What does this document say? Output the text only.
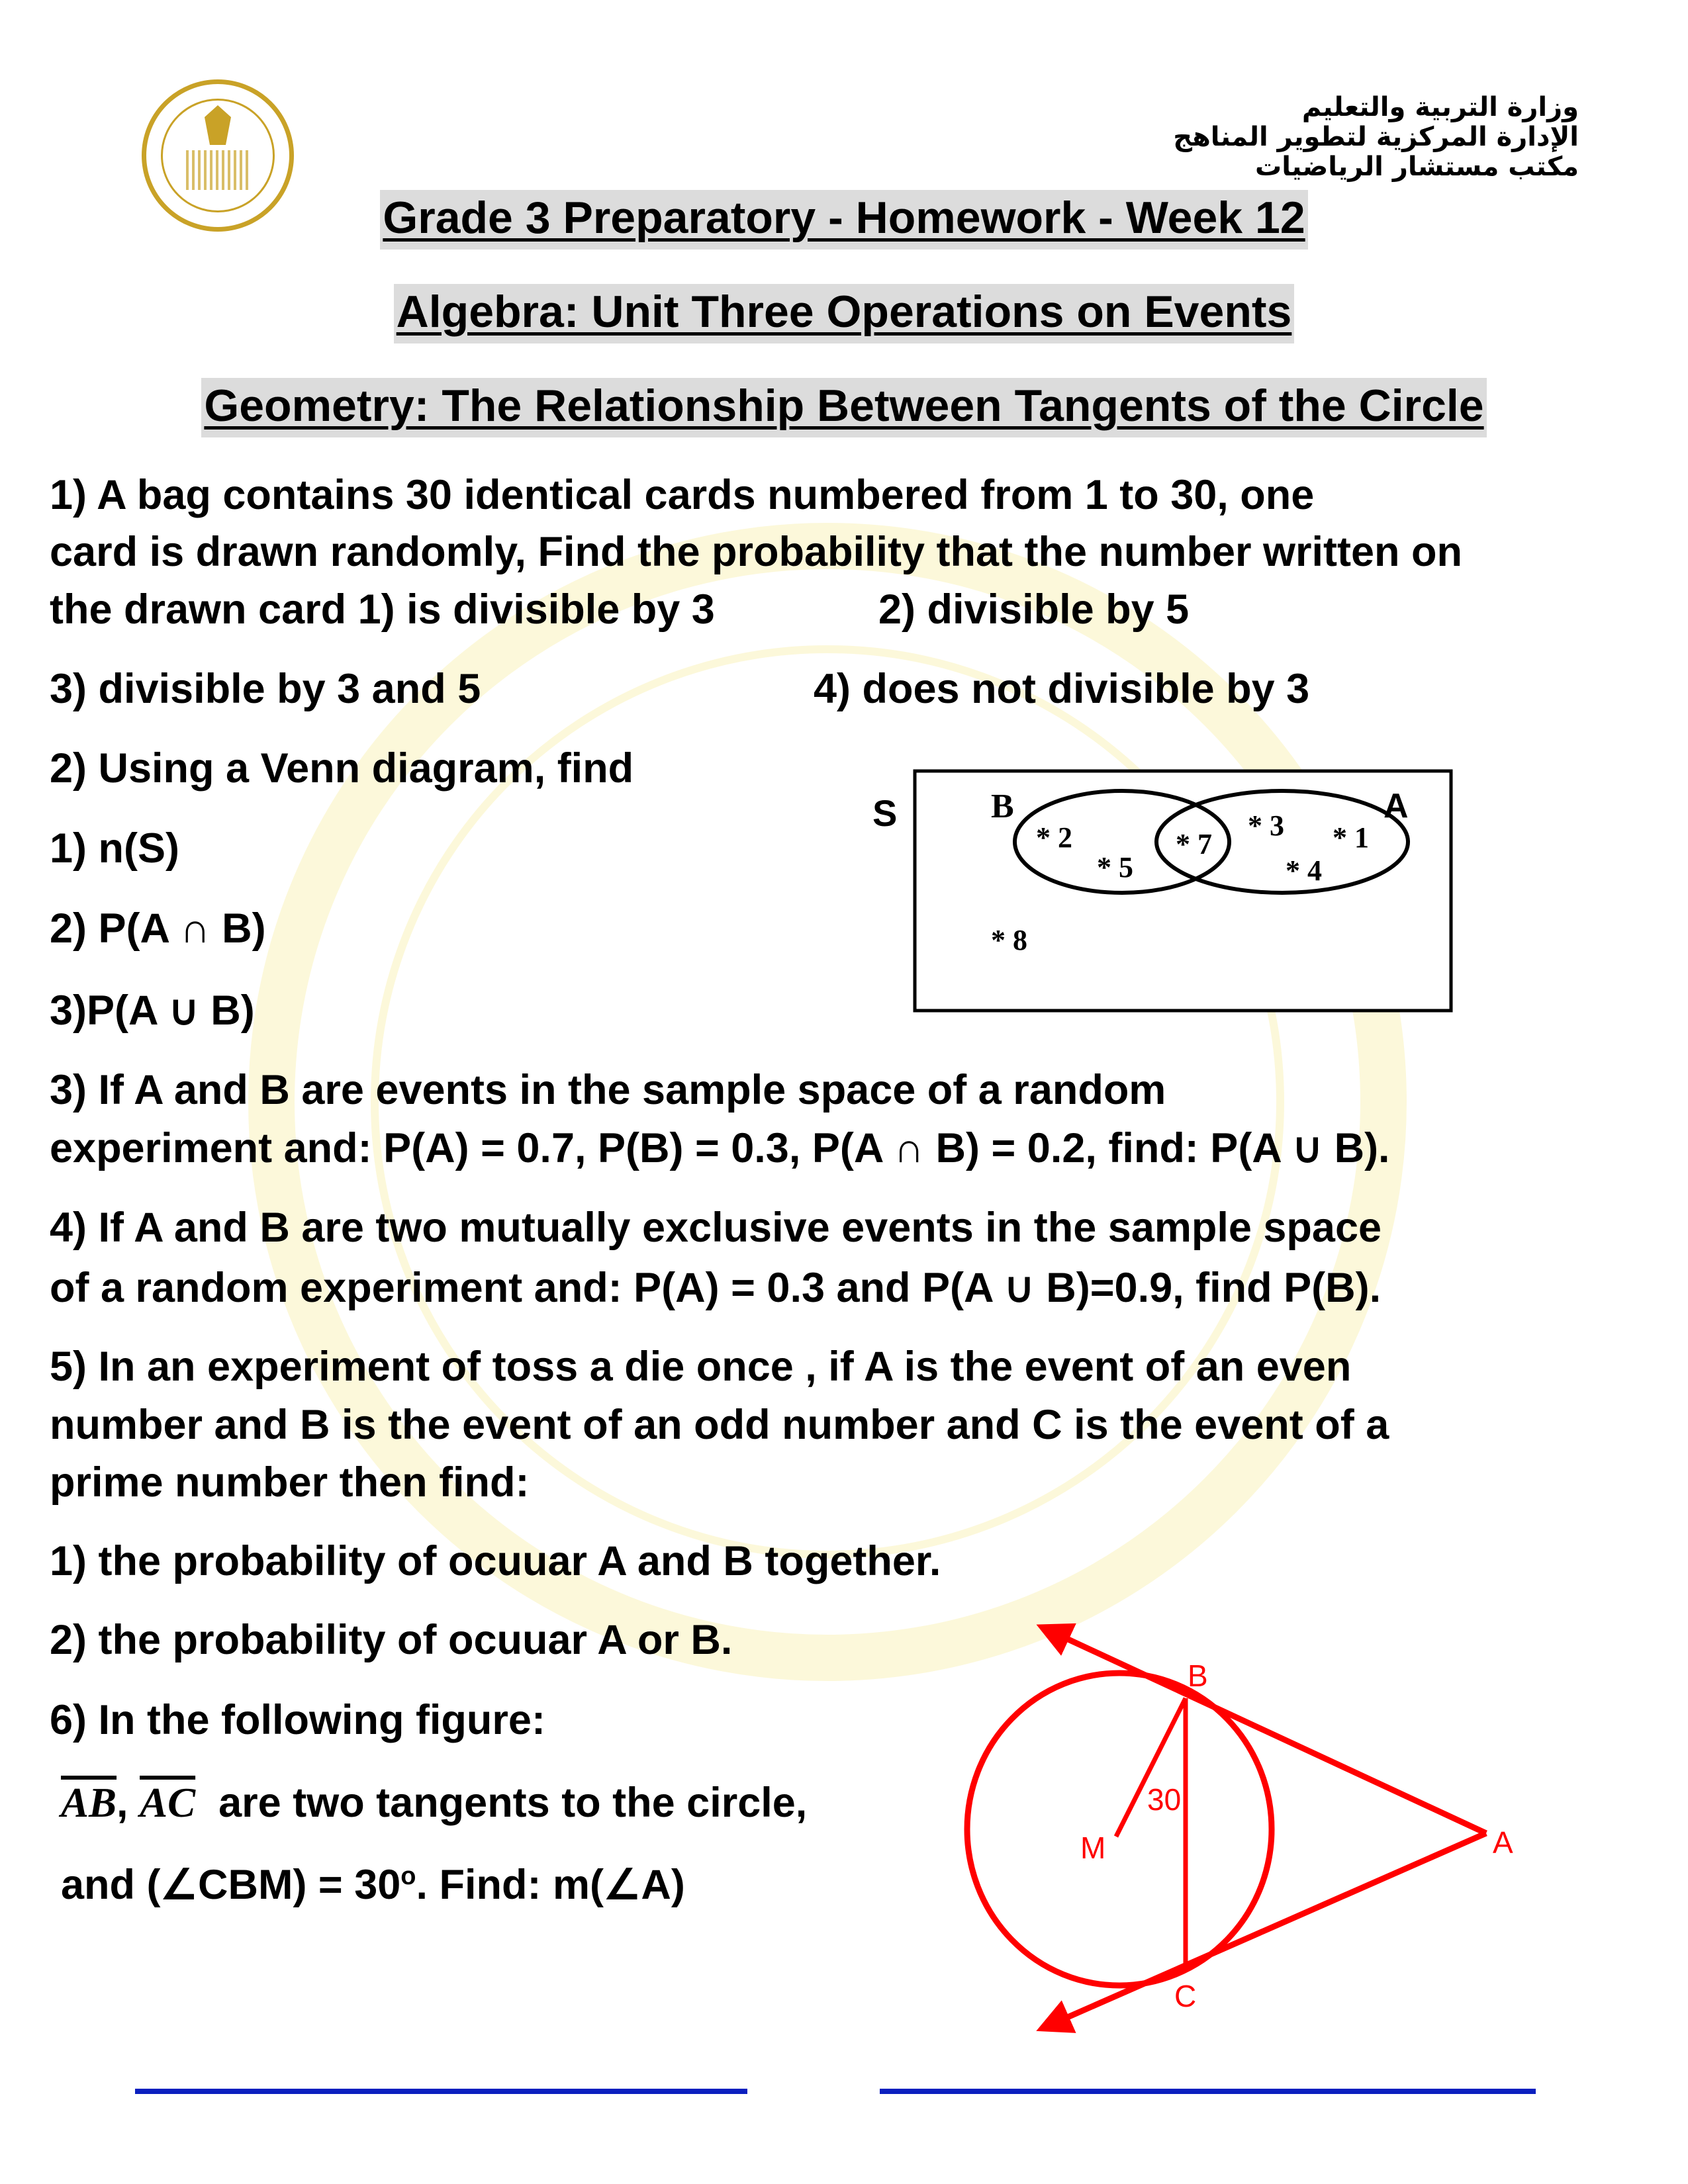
وزارة التربية والتعليم
الإدارة المركزية لتطوير المناهج
مكتب مستشار الرياضيات
Grade 3 Preparatory - Homework - Week 12
Algebra: Unit Three Operations on Events
Geometry: The Relationship Between Tangents of the Circle
1) A bag contains 30 identical cards numbered from 1 to 30, one
card is drawn randomly, Find the probability that the number written on
the drawn card 1) is divisible by 3	2) divisible by 5
3) divisible by 3 and 5	4) does not divisible by 3
2) Using a Venn diagram, find
1) n(S)
2) P(A ∩ B)
3)P(A ∪ B)
3) If A and B are events in the sample space of a random
experiment and: P(A) = 0.7, P(B) = 0.3, P(A ∩ B) = 0.2, find: P(A ∪ B).
4) If A and B are two mutually exclusive events in the sample space
of a random experiment and: P(A) = 0.3 and P(A ∪ B)=0.9, find P(B).
5) In an experiment of toss a die once , if A is the event of an even
number and B is the event of an odd number and C is the event of a
prime number then find:
1) the probability of ocuuar A and B together.
2) the probability of ocuuar A or B.
6) In the following figure:
$\overline{AB}$, $\overline{AC}$  are two tangents to the circle,
and (∠CBM) = $30^o$. Find: m(∠A)
S	B	A
* 2
* 5
* 7
* 3 * 1
* 4
* 8
B
A
C
M
30
